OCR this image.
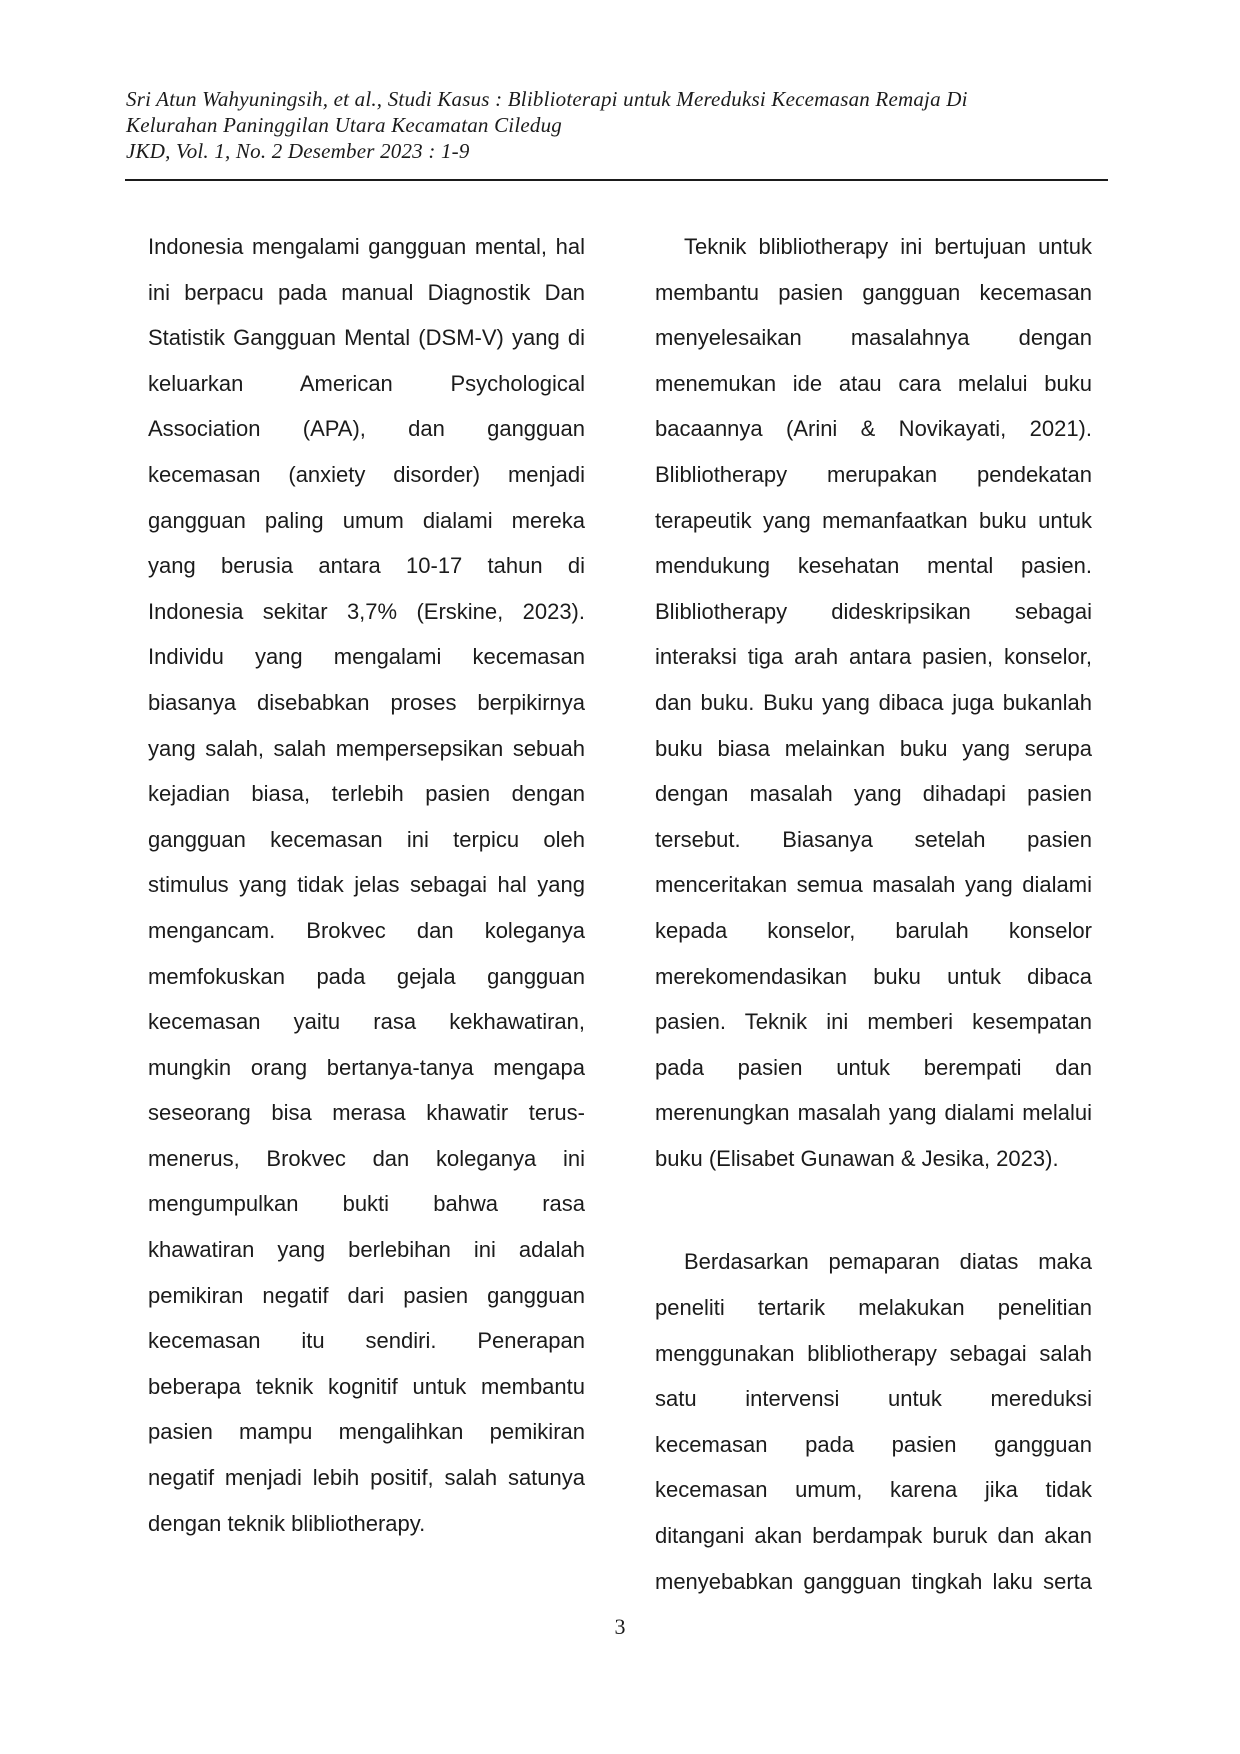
Sri Atun Wahyuningsih, et al., Studi Kasus : Bliblioterapi untuk Mereduksi Kecemasan Remaja Di
Kelurahan Paninggilan Utara Kecamatan Ciledug
JKD, Vol. 1, No. 2 Desember 2023 : 1-9
Indonesia mengalami gangguan mental, hal
ini berpacu pada manual Diagnostik Dan
Statistik Gangguan Mental (DSM-V) yang di
keluarkan American Psychological
Association (APA), dan gangguan
kecemasan (anxiety disorder) menjadi
gangguan paling umum dialami mereka
yang berusia antara 10-17 tahun di
Indonesia sekitar 3,7% (Erskine, 2023).
Individu yang mengalami kecemasan
biasanya disebabkan proses berpikirnya
yang salah, salah mempersepsikan sebuah
kejadian biasa, terlebih pasien dengan
gangguan kecemasan ini terpicu oleh
stimulus yang tidak jelas sebagai hal yang
mengancam. Brokvec dan koleganya
memfokuskan pada gejala gangguan
kecemasan yaitu rasa kekhawatiran,
mungkin orang bertanya-tanya mengapa
seseorang bisa merasa khawatir terus-
menerus, Brokvec dan koleganya ini
mengumpulkan bukti bahwa rasa
khawatiran yang berlebihan ini adalah
pemikiran negatif dari pasien gangguan
kecemasan itu sendiri. Penerapan
beberapa teknik kognitif untuk membantu
pasien mampu mengalihkan pemikiran
negatif menjadi lebih positif, salah satunya
dengan teknik blibliotherapy.
Teknik blibliotherapy ini bertujuan untuk
membantu pasien gangguan kecemasan
menyelesaikan masalahnya dengan
menemukan ide atau cara melalui buku
bacaannya (Arini & Novikayati, 2021).
Blibliotherapy merupakan pendekatan
terapeutik yang memanfaatkan buku untuk
mendukung kesehatan mental pasien.
Blibliotherapy dideskripsikan sebagai
interaksi tiga arah antara pasien, konselor,
dan buku. Buku yang dibaca juga bukanlah
buku biasa melainkan buku yang serupa
dengan masalah yang dihadapi pasien
tersebut. Biasanya setelah pasien
menceritakan semua masalah yang dialami
kepada konselor, barulah konselor
merekomendasikan buku untuk dibaca
pasien. Teknik ini memberi kesempatan
pada pasien untuk berempati dan
merenungkan masalah yang dialami melalui
buku (Elisabet Gunawan & Jesika, 2023).
Berdasarkan pemaparan diatas maka
peneliti tertarik melakukan penelitian
menggunakan blibliotherapy sebagai salah
satu intervensi untuk mereduksi
kecemasan pada pasien gangguan
kecemasan umum, karena jika tidak
ditangani akan berdampak buruk dan akan
menyebabkan gangguan tingkah laku serta
3
